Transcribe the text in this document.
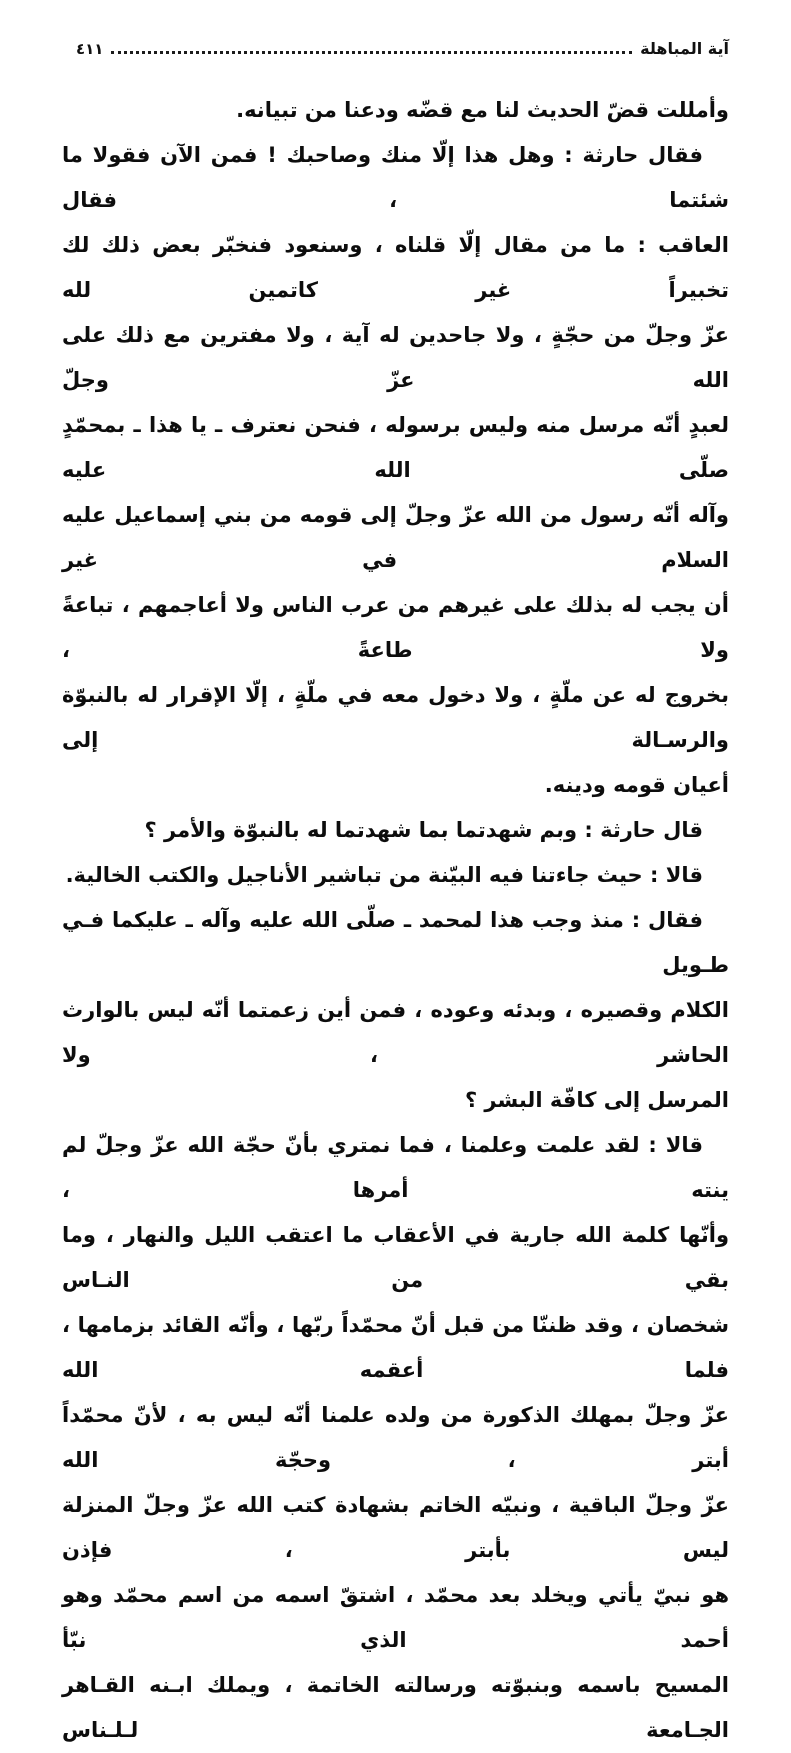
آية المباهلة
٤١١
وأمللت قضّ الحديث لنا مع قضّه ودعنا من تبيانه.
فقال حارثة : وهل هذا إلّا منك وصاحبك ! فمن الآن فقولا ما شئتما ، فقال
العاقب : ما من مقال إلّا قلناه ، وسنعود فنخبّر بعض ذلك لك تخبيراً غير كاتمين لله
عزّ وجلّ من حجّةٍ ، ولا جاحدين له آية ، ولا مفترين مع ذلك على الله عزّ وجلّ
لعبدٍ أنّه مرسل منه وليس برسوله ، فنحن نعترف ـ يا هذا ـ بمحمّدٍ صلّى الله عليه
وآله أنّه رسول من الله عزّ وجلّ إلى قومه من بني إسماعيل عليه السلام في غير
أن يجب له بذلك على غيرهم من عرب الناس ولا أعاجمهم ، تباعةً ولا طاعةً ،
بخروج له عن ملّةٍ ، ولا دخول معه في ملّةٍ ، إلّا الإقرار له بالنبوّة والرسـالة إلى
أعيان قومه ودينه.
قال حارثة : وبم شهدتما بما شهدتما له بالنبوّة والأمر ؟
قالا : حيث جاءتنا فيه البيّنة من تباشير الأناجيل والكتب الخالية.
فقال : منذ وجب هذا لمحمد ـ صلّى الله عليه وآله ـ عليكما فـي طـويل
الكلام وقصيره ، وبدئه وعوده ، فمن أين زعمتما أنّه ليس بالوارث الحاشر ، ولا
المرسل إلى كافّة البشر ؟
قالا : لقد علمت وعلمنا ، فما نمتري بأنّ حجّة الله عزّ وجلّ لم ينته أمرها ،
وأنّها كلمة الله جارية في الأعقاب ما اعتقب الليل والنهار ، وما بقي من النـاس
شخصان ، وقد ظننّا من قبل أنّ محمّداً ربّها ، وأنّه القائد بزمامها ، فلما أعقمه الله
عزّ وجلّ بمهلك الذكورة من ولده علمنا أنّه ليس به ، لأنّ محمّداً أبتر ، وحجّة الله
عزّ وجلّ الباقية ، ونبيّه الخاتم بشهادة كتب الله عزّ وجلّ المنزلة ليس بأبتر ، فإذن
هو نبيّ يأتي ويخلد بعد محمّد ، اشتقّ اسمه من اسم محمّد وهو أحمد الذي نبّأ
المسيح باسمه وبنبوّته ورسالته الخاتمة ، ويملك ابـنه القـاهر الجـامعة لـلـناس
